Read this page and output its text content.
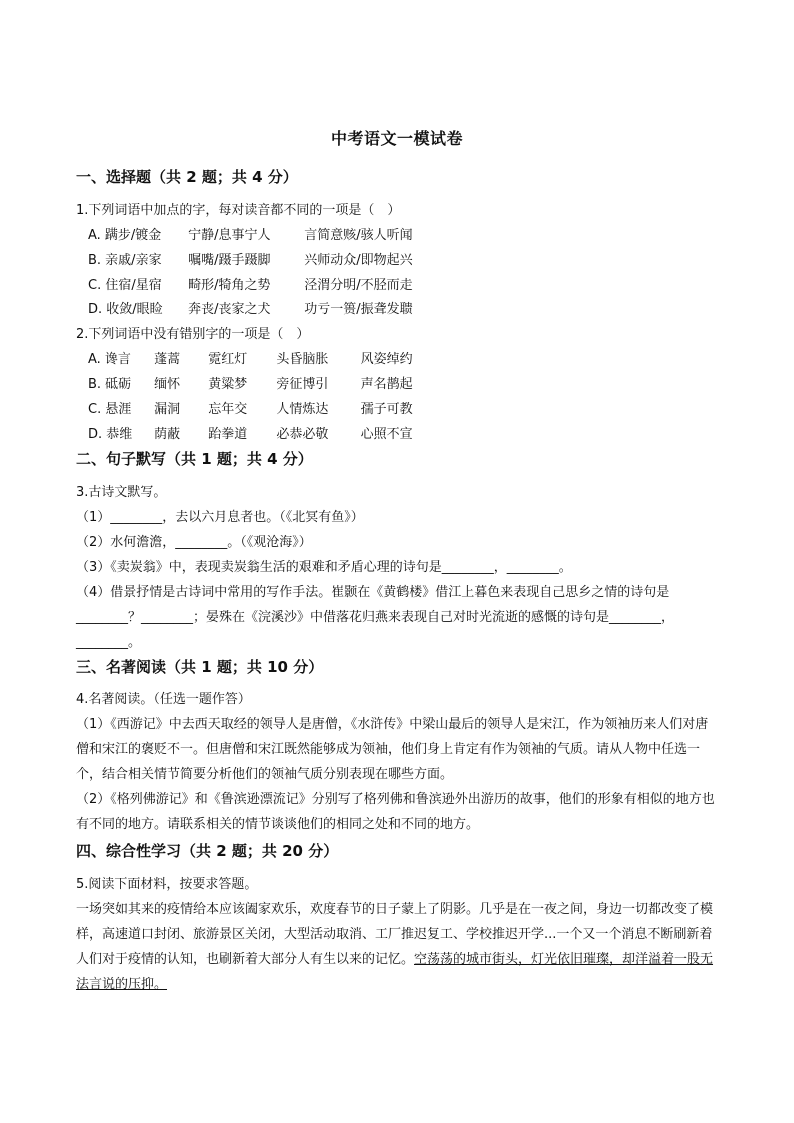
中考语文一模试卷
一、选择题（共 2 题；共 4 分）
1.下列词语中加点的字，每对读音都不同的一项是（　）
A. 蹒步/镀金 宁静/息事宁人	言简意赅/骇人听闻
B. 亲戚/亲家 嘱嘴/蹑手蹑脚	兴师动众/即物起兴
C. 住宿/星宿 畸形/犄角之势	泾渭分明/不胫而走
D. 收敛/眼睑 奔丧/丧家之犬	功亏一篑/振聋发聩
2.下列词语中没有错别字的一项是（　）
A. 谗言 蓬蒿 霓红灯 头昏脑胀 风姿绰约
B. 砥砺 缅怀 黄粱梦 旁征博引 声名鹊起
C. 悬涯 漏洞 忘年交 人情炼达 孺子可教
D. 恭维 荫蔽 跆拳道 必恭必敬 心照不宣
二、句子默写（共 1 题；共 4 分）
3.古诗文默写。
（1）________，去以六月息者也。（《北冥有鱼》）
（2）水何澹澹，________。（《观沧海》）
（3）《卖炭翁》中，表现卖炭翁生活的艰难和矛盾心理的诗句是________，________。
（4）借景抒情是古诗词中常用的写作手法。崔颢在《黄鹤楼》借江上暮色来表现自己思乡之情的诗句是
________？________；晏殊在《浣溪沙》中借落花归燕来表现自己对时光流逝的感慨的诗句是________，
________。
三、名著阅读（共 1 题；共 10 分）
4.名著阅读。（任选一题作答）
（1）《西游记》中去西天取经的领导人是唐僧，《水浒传》中梁山最后的领导人是宋江，作为领袖历来人们对唐僧和宋江的褒贬不一。但唐僧和宋江既然能够成为领袖，他们身上肯定有作为领袖的气质。请从人物中任选一个，结合相关情节简要分析他们的领袖气质分别表现在哪些方面。
（2）《格列佛游记》和《鲁滨逊漂流记》分别写了格列佛和鲁滨逊外出游历的故事，他们的形象有相似的地方也有不同的地方。请联系相关的情节谈谈他们的相同之处和不同的地方。
四、综合性学习（共 2 题；共 20 分）
5.阅读下面材料，按要求答题。
一场突如其来的疫情给本应该阖家欢乐，欢度春节的日子蒙上了阴影。几乎是在一夜之间，身边一切都改变了模样，高速道口封闭、旅游景区关闭，大型活动取消、工厂推迟复工、学校推迟开学...一个又一个消息不断刷新着人们对于疫情的认知，也刷新着大部分人有生以来的记忆。空荡荡的城市街头，灯光依旧璀璨，却洋溢着一股无法言说的压抑。
